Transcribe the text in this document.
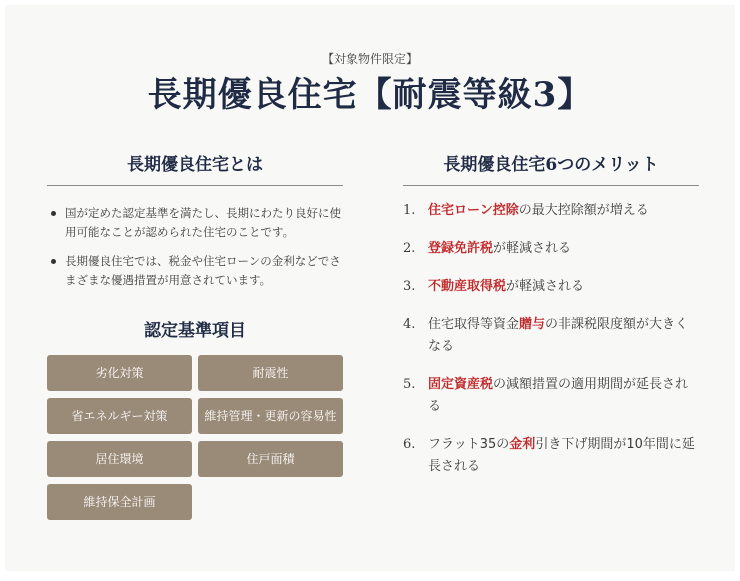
【対象物件限定】
長期優良住宅【耐震等級3】
長期優良住宅とは
国が定めた認定基準を満たし、長期にわたり良好に使用可能なことが認められた住宅のことです。
長期優良住宅では、税金や住宅ローンの金利などでさまざまな優遇措置が用意されています。
認定基準項目
劣化対策	耐震性
省エネルギー対策	維持管理・更新の容易性
居住環境	住戸面積
維持保全計画
長期優良住宅6つのメリット
1. 住宅ローン控除の最大控除額が増える
2. 登録免許税が軽減される
3. 不動産取得税が軽減される
4. 住宅取得等資金贈与の非課税限度額が大きくなる
5. 固定資産税の減額措置の適用期間が延長される
6. フラット35の金利引き下げ期間が10年間に延長される
